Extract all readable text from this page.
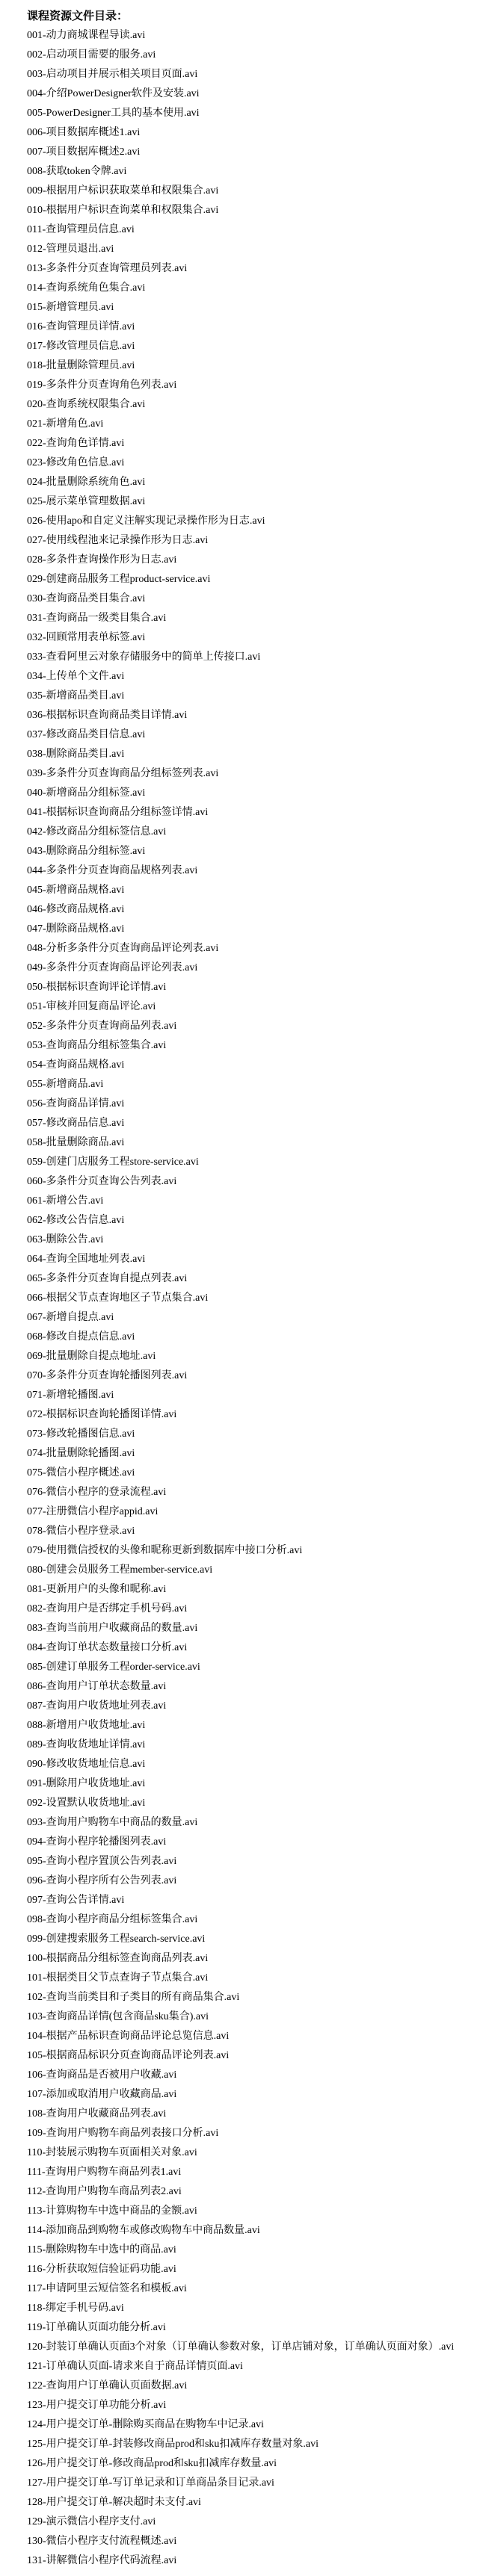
课程资源文件目录：
001-动力商城课程导读.avi
002-启动项目需要的服务.avi
003-启动项目并展示相关项目页面.avi
004-介绍PowerDesigner软件及安装.avi
005-PowerDesigner工具的基本使用.avi
006-项目数据库概述1.avi
007-项目数据库概述2.avi
008-获取token令牌.avi
009-根据用户标识获取菜单和权限集合.avi
010-根据用户标识查询菜单和权限集合.avi
011-查询管理员信息.avi
012-管理员退出.avi
013-多条件分页查询管理员列表.avi
014-查询系统角色集合.avi
015-新增管理员.avi
016-查询管理员详情.avi
017-修改管理员信息.avi
018-批量删除管理员.avi
019-多条件分页查询角色列表.avi
020-查询系统权限集合.avi
021-新增角色.avi
022-查询角色详情.avi
023-修改角色信息.avi
024-批量删除系统角色.avi
025-展示菜单管理数据.avi
026-使用apo和自定义注解实现记录操作形为日志.avi
027-使用线程池来记录操作形为日志.avi
028-多条件查询操作形为日志.avi
029-创建商品服务工程product-service.avi
030-查询商品类目集合.avi
031-查询商品一级类目集合.avi
032-回顾常用表单标签.avi
033-查看阿里云对象存储服务中的简单上传接口.avi
034-上传单个文件.avi
035-新增商品类目.avi
036-根据标识查询商品类目详情.avi
037-修改商品类目信息.avi
038-删除商品类目.avi
039-多条件分页查询商品分组标签列表.avi
040-新增商品分组标签.avi
041-根据标识查询商品分组标签详情.avi
042-修改商品分组标签信息.avi
043-删除商品分组标签.avi
044-多条件分页查询商品规格列表.avi
045-新增商品规格.avi
046-修改商品规格.avi
047-删除商品规格.avi
048-分析多条件分页查询商品评论列表.avi
049-多条件分页查询商品评论列表.avi
050-根据标识查询评论详情.avi
051-审核并回复商品评论.avi
052-多条件分页查询商品列表.avi
053-查询商品分组标签集合.avi
054-查询商品规格.avi
055-新增商品.avi
056-查询商品详情.avi
057-修改商品信息.avi
058-批量删除商品.avi
059-创建门店服务工程store-service.avi
060-多条件分页查询公告列表.avi
061-新增公告.avi
062-修改公告信息.avi
063-删除公告.avi
064-查询全国地址列表.avi
065-多条件分页查询自提点列表.avi
066-根据父节点查询地区子节点集合.avi
067-新增自提点.avi
068-修改自提点信息.avi
069-批量删除自提点地址.avi
070-多条件分页查询轮播图列表.avi
071-新增轮播图.avi
072-根据标识查询轮播图详情.avi
073-修改轮播图信息.avi
074-批量删除轮播图.avi
075-微信小程序概述.avi
076-微信小程序的登录流程.avi
077-注册微信小程序appid.avi
078-微信小程序登录.avi
079-使用微信授权的头像和昵称更新到数据库中接口分析.avi
080-创建会员服务工程member-service.avi
081-更新用户的头像和昵称.avi
082-查询用户是否绑定手机号码.avi
083-查询当前用户收藏商品的数量.avi
084-查询订单状态数量接口分析.avi
085-创建订单服务工程order-service.avi
086-查询用户订单状态数量.avi
087-查询用户收货地址列表.avi
088-新增用户收货地址.avi
089-查询收货地址详情.avi
090-修改收货地址信息.avi
091-删除用户收货地址.avi
092-设置默认收货地址.avi
093-查询用户购物车中商品的数量.avi
094-查询小程序轮播图列表.avi
095-查询小程序置顶公告列表.avi
096-查询小程序所有公告列表.avi
097-查询公告详情.avi
098-查询小程序商品分组标签集合.avi
099-创建搜索服务工程search-service.avi
100-根据商品分组标签查询商品列表.avi
101-根据类目父节点查询子节点集合.avi
102-查询当前类目和子类目的所有商品集合.avi
103-查询商品详情(包含商品sku集合).avi
104-根据产品标识查询商品评论总览信息.avi
105-根据商品标识分页查询商品评论列表.avi
106-查询商品是否被用户收藏.avi
107-添加或取消用户收藏商品.avi
108-查询用户收藏商品列表.avi
109-查询用户购物车商品列表接口分析.avi
110-封装展示购物车页面相关对象.avi
111-查询用户购物车商品列表1.avi
112-查询用户购物车商品列表2.avi
113-计算购物车中选中商品的金额.avi
114-添加商品到购物车或修改购物车中商品数量.avi
115-删除购物车中选中的商品.avi
116-分析获取短信验证码功能.avi
117-申请阿里云短信签名和模板.avi
118-绑定手机号码.avi
119-订单确认页面功能分析.avi
120-封装订单确认页面3个对象（订单确认参数对象，订单店铺对象，订单确认页面对象）.avi
121-订单确认页面-请求来自于商品详情页面.avi
122-查询用户订单确认页面数据.avi
123-用户提交订单功能分析.avi
124-用户提交订单-删除购买商品在购物车中记录.avi
125-用户提交订单-封装修改商品prod和sku扣减库存数量对象.avi
126-用户提交订单-修改商品prod和sku扣减库存数量.avi
127-用户提交订单-写订单记录和订单商品条目记录.avi
128-用户提交订单-解决超时未支付.avi
129-演示微信小程序支付.avi
130-微信小程序支付流程概述.avi
131-讲解微信小程序代码流程.avi
